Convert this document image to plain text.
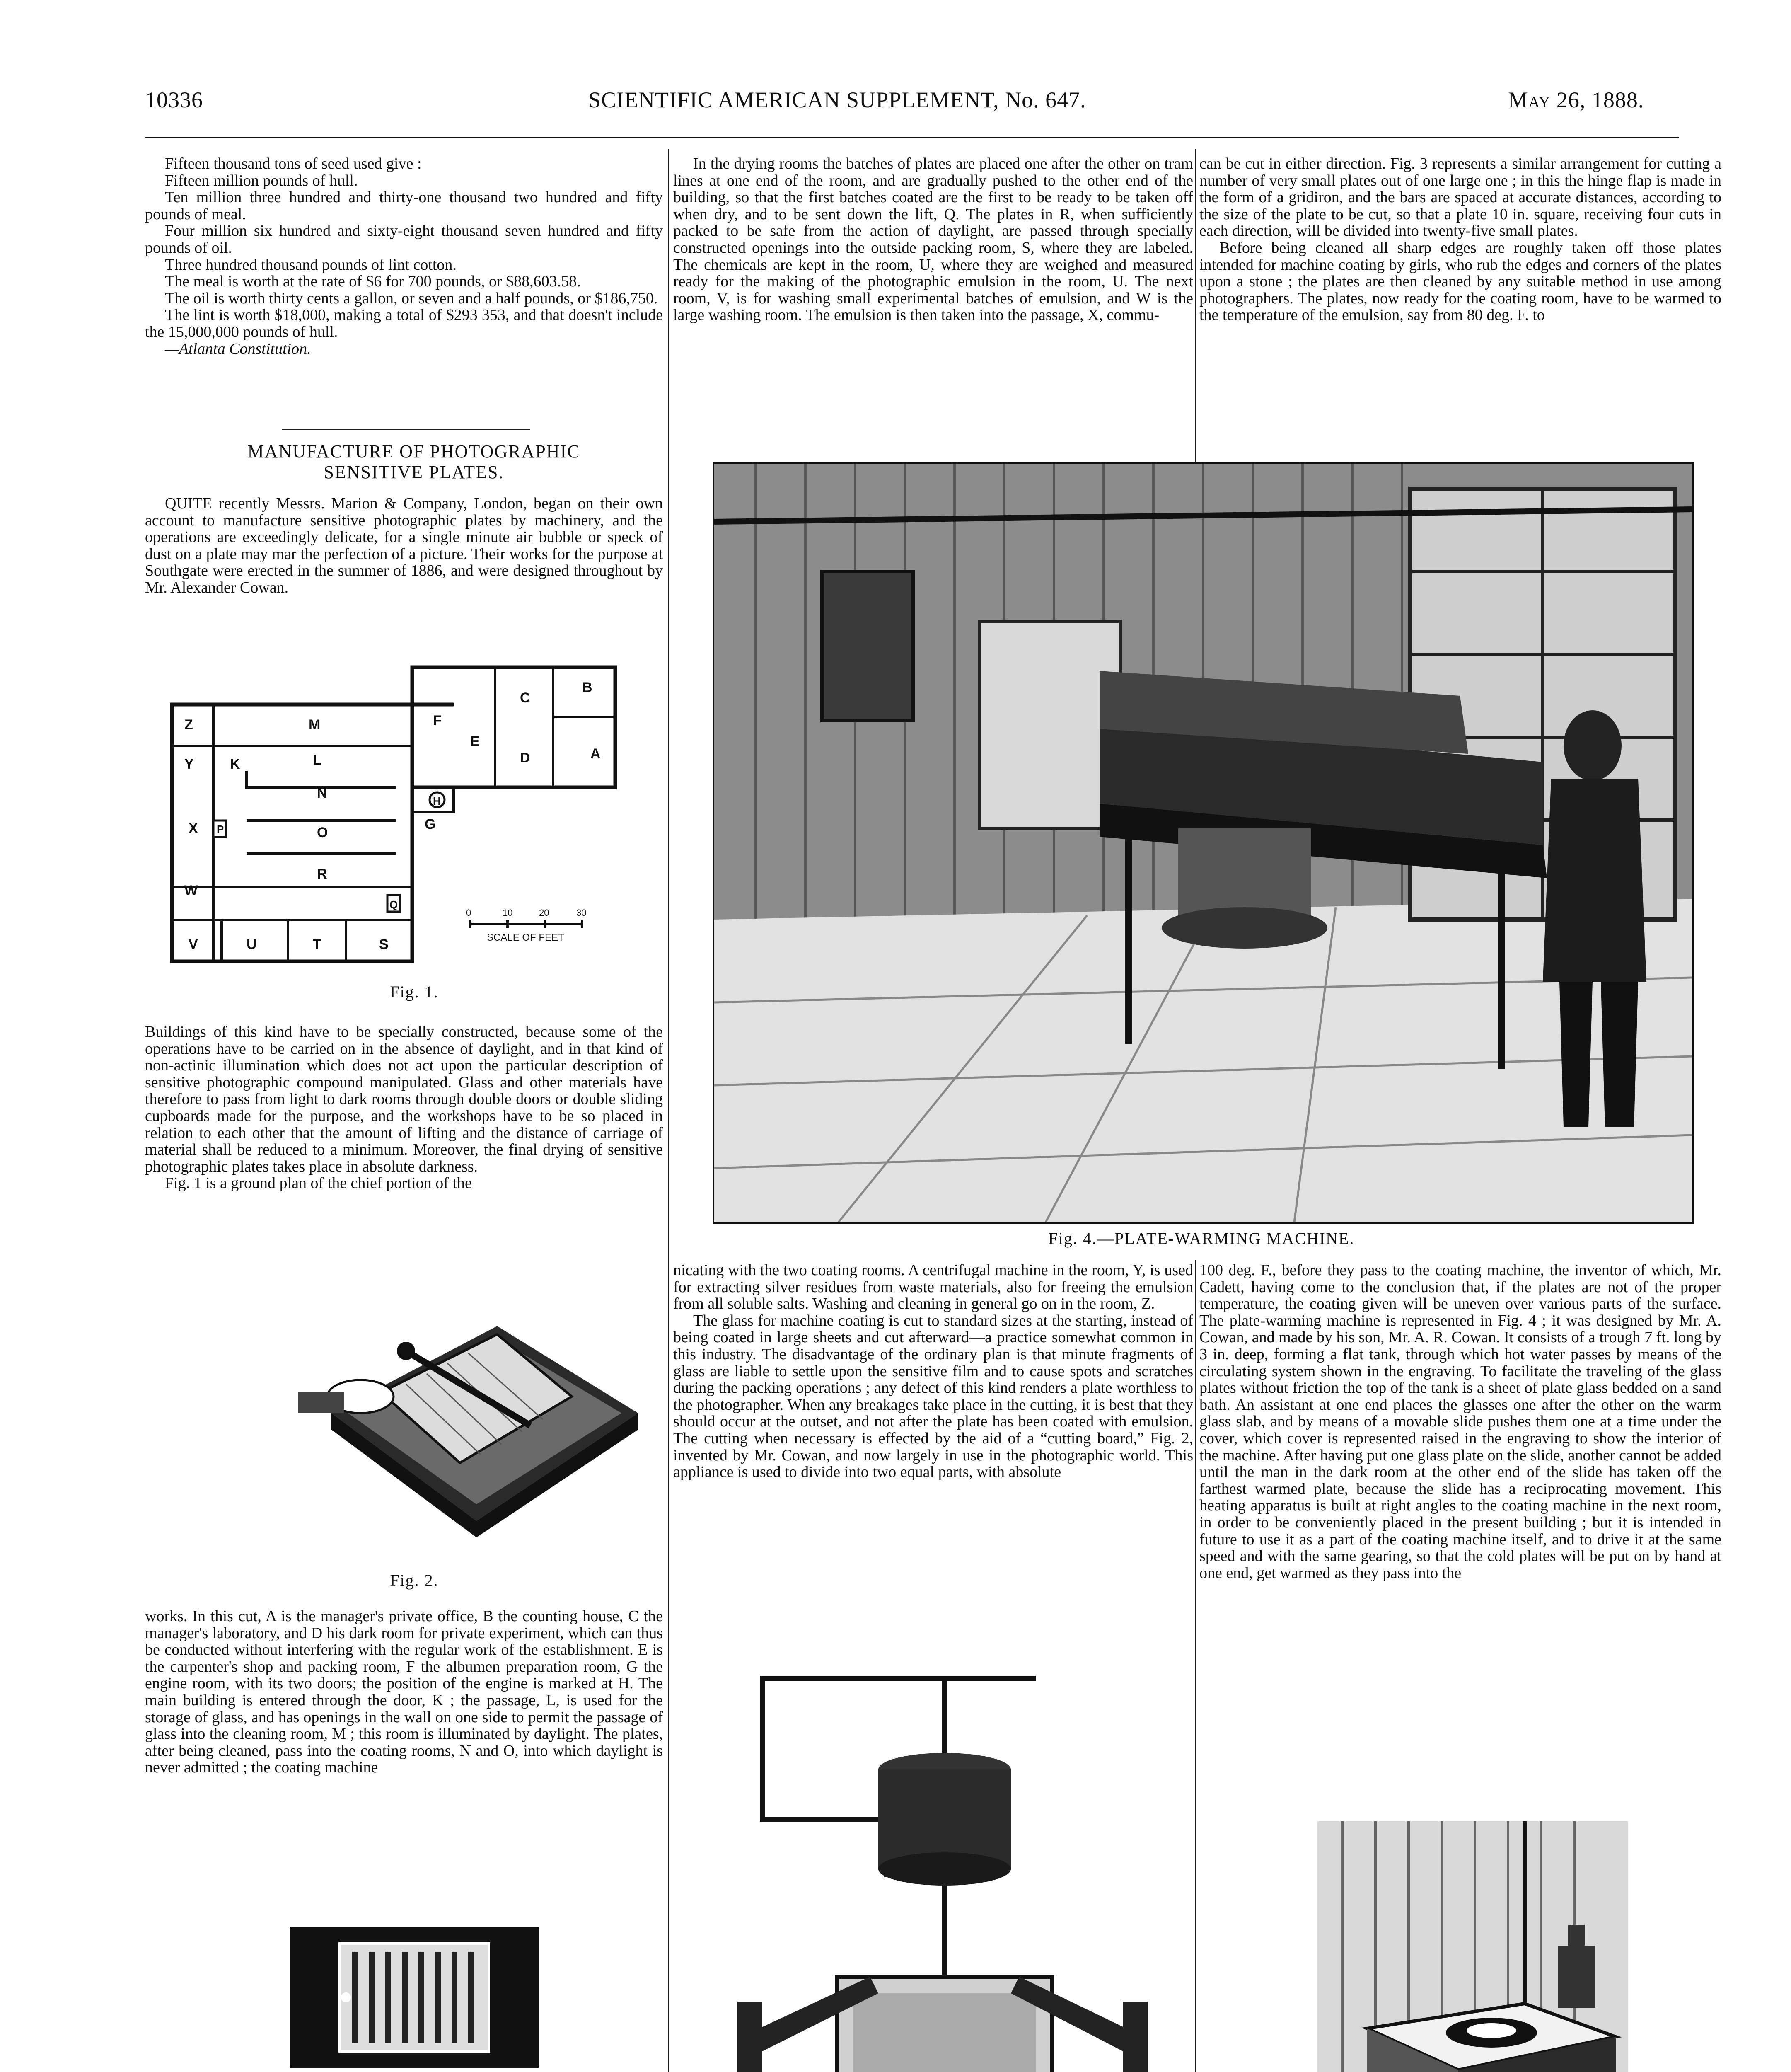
10336	SCIENTIFIC AMERICAN SUPPLEMENT, No. 647.	May 26, 1888.

Fifteen thousand tons of seed used give :

Fifteen million pounds of hull.

Ten million three hundred and thirty-one thousand two hundred and fifty pounds of meal.

Four million six hundred and sixty-eight thousand seven hundred and fifty pounds of oil.

Three hundred thousand pounds of lint cotton.

The meal is worth at the rate of $6 for 700 pounds, or $88,603.58.

The oil is worth thirty cents a gallon, or seven and a half pounds, or $186,750.

The lint is worth $18,000, making a total of $293 353, and that doesn't include the 15,000,000 pounds of hull.

—Atlanta Constitution.

MANUFACTURE OF PHOTOGRAPHIC

SENSITIVE PLATES.

QUITE recently Messrs. Marion & Company, London, began on their own account to manufacture sensitive photographic plates by machinery, and the operations are exceedingly delicate, for a single minute air bubble or speck of dust on a plate may mar the perfection of a picture. Their works for the purpose at Southgate were erected in the summer of 1886, and were designed throughout by Mr. Alexander Cowan.

B
C
A
F
E
D
M
L
N
O
R
S
T
U
V
W
X
Y
Z
H
G
P
Q
K
0	10	20	30
SCALE OF FEET
Fig. 1.

Buildings of this kind have to be specially constructed, because some of the operations have to be carried on in the absence of daylight, and in that kind of non-actinic illumination which does not act upon the particular description of sensitive photographic compound manipulated. Glass and other materials have therefore to pass from light to dark rooms through double doors or double sliding cupboards made for the purpose, and the workshops have to be so placed in relation to each other that the amount of lifting and the distance of carriage of material shall be reduced to a minimum. Moreover, the final drying of sensitive photographic plates takes place in absolute darkness.

Fig. 1 is a ground plan of the chief portion of the

Fig. 2.

works. In this cut, A is the manager's private office, B the counting house, C the manager's laboratory, and D his dark room for private experiment, which can thus be conducted without interfering with the regular work of the establishment. E is the carpenter's shop and packing room, F the albumen preparation room, G the engine room, with its two doors; the position of the engine is marked at H. The main building is entered through the door, K ; the passage, L, is used for the storage of glass, and has openings in the wall on one side to permit the passage of glass into the cleaning room, M ; this room is illuminated by daylight. The plates, after being cleaned, pass into the coating rooms, N and O, into which daylight is never admitted ; the coating machine

In the drying rooms the batches of plates are placed one after the other on tram lines at one end of the room, and are gradually pushed to the other end of the building, so that the first batches coated are the first to be ready to be taken off when dry, and to be sent down the lift, Q. The plates in R, when sufficiently packed to be safe from the action of daylight, are passed through specially constructed openings into the outside packing room, S, where they are labeled. The chemicals are kept in the room, U, where they are weighed and measured ready for the making of the photographic emulsion in the room, U. The next room, V, is for washing small experimental batches of emulsion, and W is the large washing room. The emulsion is then taken into the passage, X, commu-

can be cut in either direction. Fig. 3 represents a similar arrangement for cutting a number of very small plates out of one large one ; in this the hinge flap is made in the form of a gridiron, and the bars are spaced at accurate distances, according to the size of the plate to be cut, so that a plate 10 in. square, receiving four cuts in each direction, will be divided into twenty-five small plates.

Before being cleaned all sharp edges are roughly taken off those plates intended for machine coating by girls, who rub the edges and corners of the plates upon a stone ; the plates are then cleaned by any suitable method in use among photographers. The plates, now ready for the coating room, have to be warmed to the temperature of the emulsion, say from 80 deg. F. to

Fig. 4.—PLATE-WARMING MACHINE.

nicating with the two coating rooms. A centrifugal machine in the room, Y, is used for extracting silver residues from waste materials, also for freeing the emulsion from all soluble salts. Washing and cleaning in general go on in the room, Z.

The glass for machine coating is cut to standard sizes at the starting, instead of being coated in large sheets and cut afterward—a practice somewhat common in this industry. The disadvantage of the ordinary plan is that minute fragments of glass are liable to settle upon the sensitive film and to cause spots and scratches during the packing operations ; any defect of this kind renders a plate worthless to the photographer. When any breakages take place in the cutting, it is best that they should occur at the outset, and not after the plate has been coated with emulsion. The cutting when necessary is effected by the aid of a “cutting board,” Fig. 2, invented by Mr. Cowan, and now largely in use in the photographic world. This appliance is used to divide into two equal parts, with absolute

100 deg. F., before they pass to the coating machine, the inventor of which, Mr. Cadett, having come to the conclusion that, if the plates are not of the proper temperature, the coating given will be uneven over various parts of the surface. The plate-warming machine is represented in Fig. 4 ; it was designed by Mr. A. Cowan, and made by his son, Mr. A. R. Cowan. It consists of a trough 7 ft. long by 3 in. deep, forming a flat tank, through which hot water passes by means of the circulating system shown in the engraving. To facilitate the traveling of the glass plates without friction the top of the tank is a sheet of plate glass bedded on a sand bath. An assistant at one end places the glasses one after the other on the warm glass slab, and by means of a movable slide pushes them one at a time under the cover, which cover is represented raised in the engraving to show the interior of the machine. After having put one glass plate on the slide, another cannot be added until the man in the dark room at the other end of the slide has taken off the farthest warmed plate, because the slide has a reciprocating movement. This heating apparatus is built at right angles to the coating machine in the next room, in order to be conveniently placed in the present building ; but it is intended in future to use it as a part of the coating machine itself, and to drive it at the same speed and with the same gearing, so that the cold plates will be put on by hand at one end, get warmed as they pass into the
